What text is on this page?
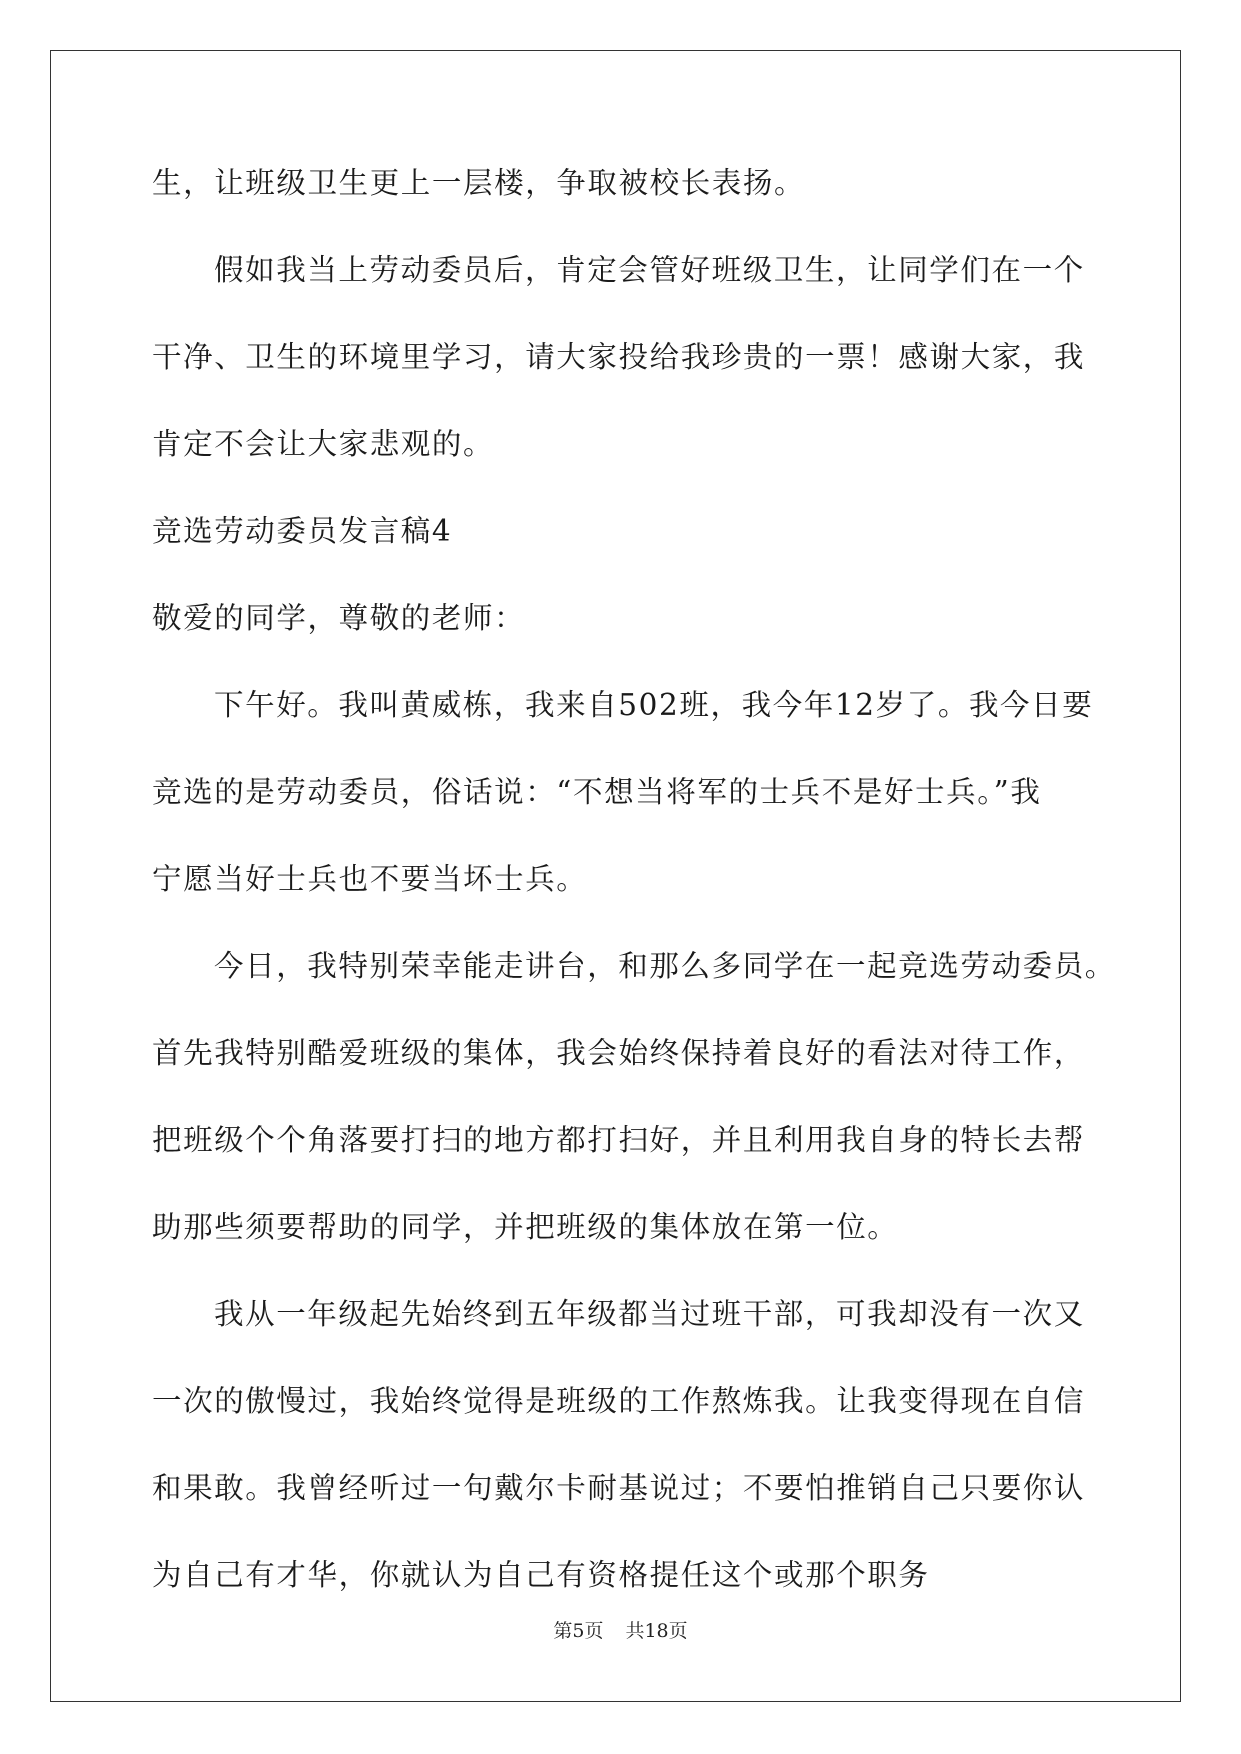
生，让班级卫生更上一层楼，争取被校长表扬。
假如我当上劳动委员后，肯定会管好班级卫生，让同学们在一个
干净、卫生的环境里学习，请大家投给我珍贵的一票！感谢大家，我
肯定不会让大家悲观的。
竞选劳动委员发言稿4
敬爱的同学，尊敬的老师：
下午好。我叫黄威栋，我来自502班，我今年12岁了。我今日要
竞选的是劳动委员，俗话说：“不想当将军的士兵不是好士兵。”我
宁愿当好士兵也不要当坏士兵。
今日，我特别荣幸能走讲台，和那么多同学在一起竞选劳动委员。
首先我特别酷爱班级的集体，我会始终保持着良好的看法对待工作，
把班级个个角落要打扫的地方都打扫好，并且利用我自身的特长去帮
助那些须要帮助的同学，并把班级的集体放在第一位。
我从一年级起先始终到五年级都当过班干部，可我却没有一次又
一次的傲慢过，我始终觉得是班级的工作熬炼我。让我变得现在自信
和果敢。我曾经听过一句戴尔卡耐基说过；不要怕推销自己只要你认
为自己有才华，你就认为自己有资格提任这个或那个职务
第5页 共18页
